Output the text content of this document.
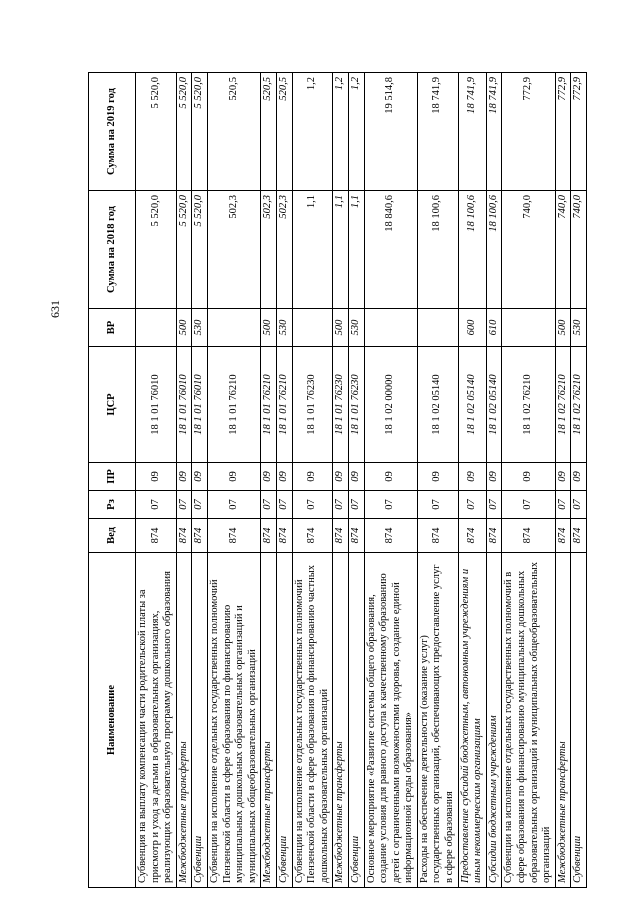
631
Наименование	Вед	Рз	ПР	ЦСР	ВР	Сумма на 2018 год	Сумма на 2019 год
Субвенция на выплату компенсации части родительской платы за присмотр и уход за детьми в образовательных организациях, реализующих образовательную программу дошкольного образования	874	07	09	18 1 01 76010		5 520,0	5 520,0
Межбюджетные трансферты	874	07	09	18 1 01 76010	500	5 520,0	5 520,0
Субвенции	874	07	09	18 1 01 76010	530	5 520,0	5 520,0
Субвенции на исполнение отдельных государственных полномочий Пензенской области в сфере образования по финансированию муниципальных дошкольных образовательных организаций и муниципальных общеобразовательных организаций	874	07	09	18 1 01 76210		502,3	520,5
Межбюджетные трансферты	874	07	09	18 1 01 76210	500	502,3	520,5
Субвенции	874	07	09	18 1 01 76210	530	502,3	520,5
Субвенции на исполнение отдельных государственных полномочий Пензенской области в сфере образования по финансированию частных дошкольных образовательных организаций	874	07	09	18 1 01 76230		1,1	1,2
Межбюджетные трансферты	874	07	09	18 1 01 76230	500	1,1	1,2
Субвенции	874	07	09	18 1 01 76230	530	1,1	1,2
Основное мероприятие «Развитие системы общего образования, создание условия для равного доступа к качественному образованию детей с ограниченными возможностями здоровья, создание единой информационной среды образования»	874	07	09	18 1 02 00000		18 840,6	19 514,8
Расходы на обеспечение деятельности (оказание услуг) государственных организаций, обеспечивающих предоставление услуг в сфере образования	874	07	09	18 1 02 05140		18 100,6	18 741,9
Предоставление субсидий бюджетным, автономным учреждениям и иным некоммерческим организациям	874	07	09	18 1 02 05140	600	18 100,6	18 741,9
Субсидии бюджетным учреждениям	874	07	09	18 1 02 05140	610	18 100,6	18 741,9
Субвенции на исполнение отдельных государственных полномочий в сфере образования по финансированию муниципальных дошкольных образовательных организаций и муниципальных общеобразовательных организаций	874	07	09	18 1 02 76210		740,0	772,9
Межбюджетные трансферты	874	07	09	18 1 02 76210	500	740,0	772,9
Субвенции	874	07	09	18 1 02 76210	530	740,0	772,9
